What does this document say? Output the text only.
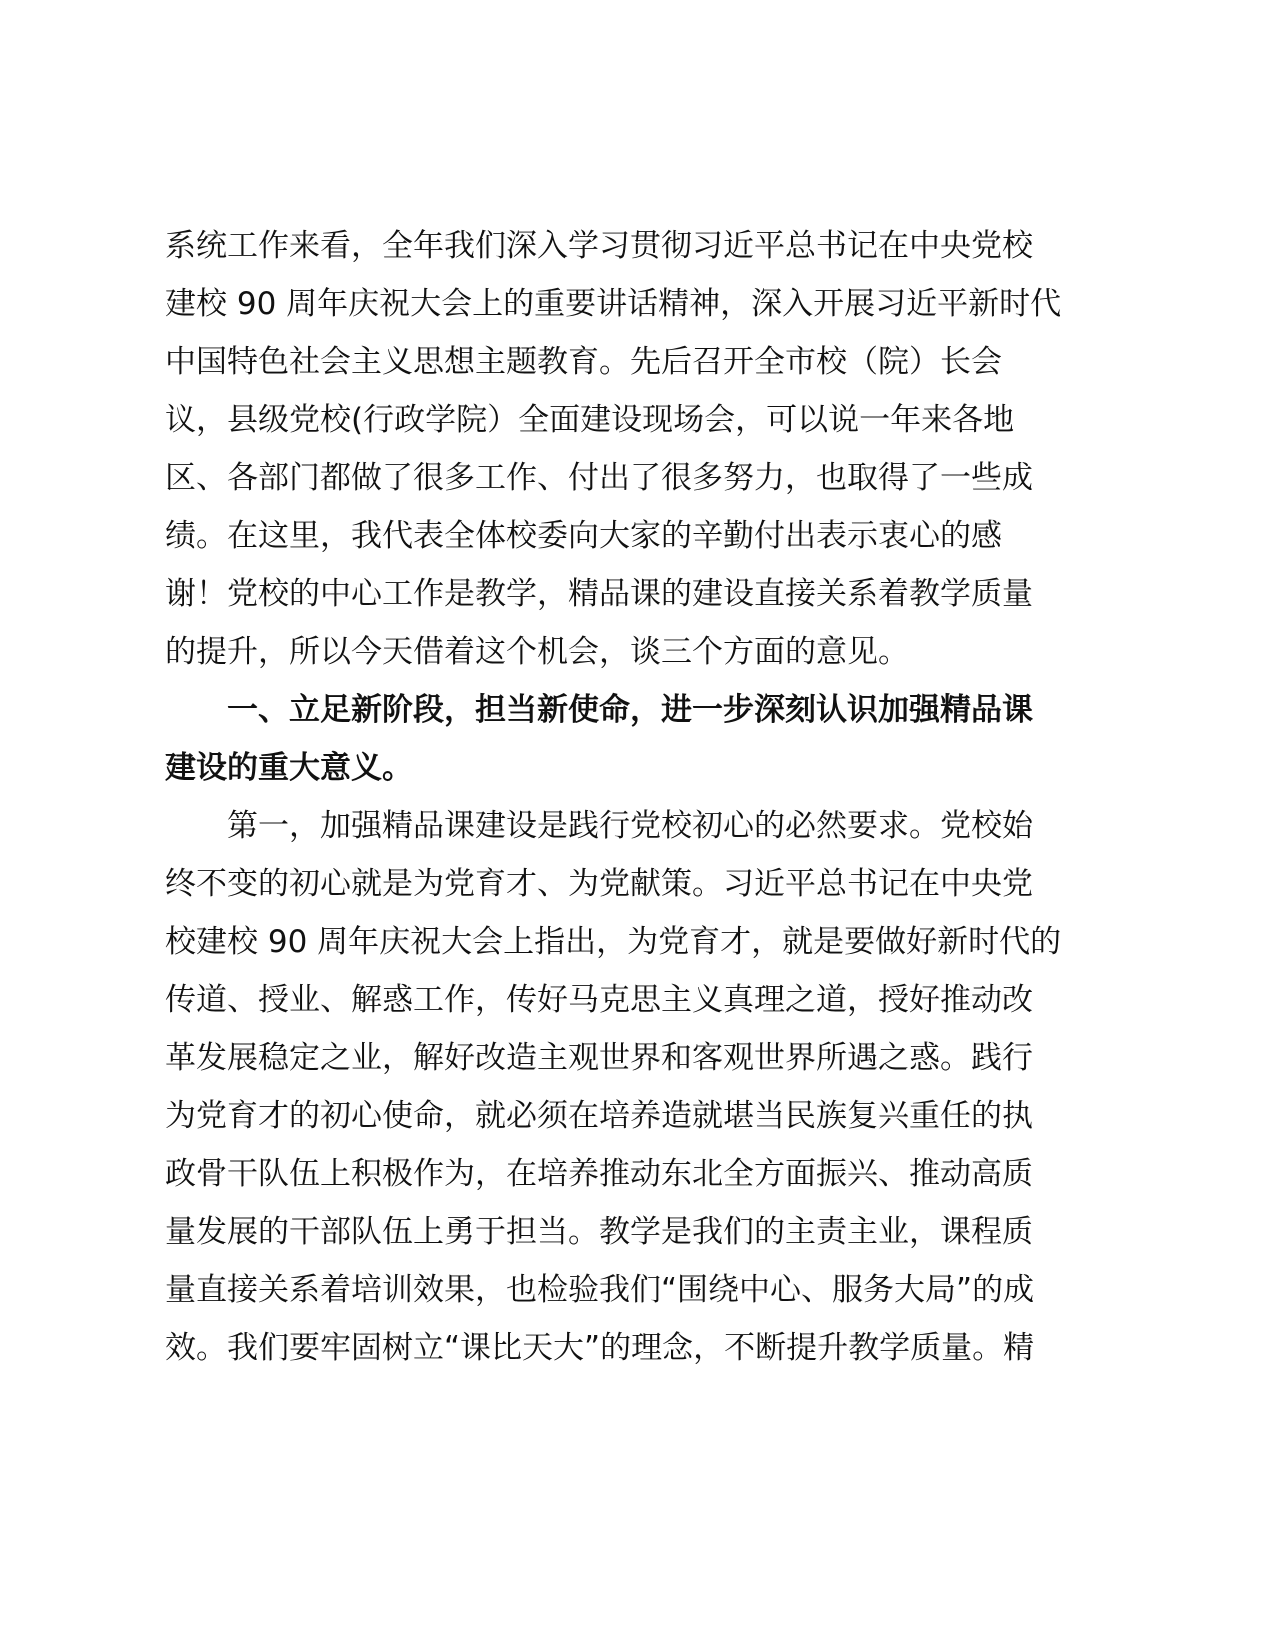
系统工作来看，全年我们深入学习贯彻习近平总书记在中央党校
建校 90 周年庆祝大会上的重要讲话精神，深入开展习近平新时代
中国特色社会主义思想主题教育。先后召开全市校（院）长会
议，县级党校(行政学院）全面建设现场会，可以说一年来各地
区、各部门都做了很多工作、付出了很多努力，也取得了一些成
绩。在这里，我代表全体校委向大家的辛勤付出表示衷心的感
谢！党校的中心工作是教学，精品课的建设直接关系着教学质量
的提升，所以今天借着这个机会，谈三个方面的意见。
一、立足新阶段，担当新使命，进一步深刻认识加强精品课
建设的重大意义。
第一，加强精品课建设是践行党校初心的必然要求。党校始
终不变的初心就是为党育才、为党献策。习近平总书记在中央党
校建校 90 周年庆祝大会上指出，为党育才，就是要做好新时代的
传道、授业、解惑工作，传好马克思主义真理之道，授好推动改
革发展稳定之业，解好改造主观世界和客观世界所遇之惑。践行
为党育才的初心使命，就必须在培养造就堪当民族复兴重任的执
政骨干队伍上积极作为，在培养推动东北全方面振兴、推动高质
量发展的干部队伍上勇于担当。教学是我们的主责主业，课程质
量直接关系着培训效果，也检验我们“围绕中心、服务大局”的成
效。我们要牢固树立“课比天大”的理念，不断提升教学质量。精
